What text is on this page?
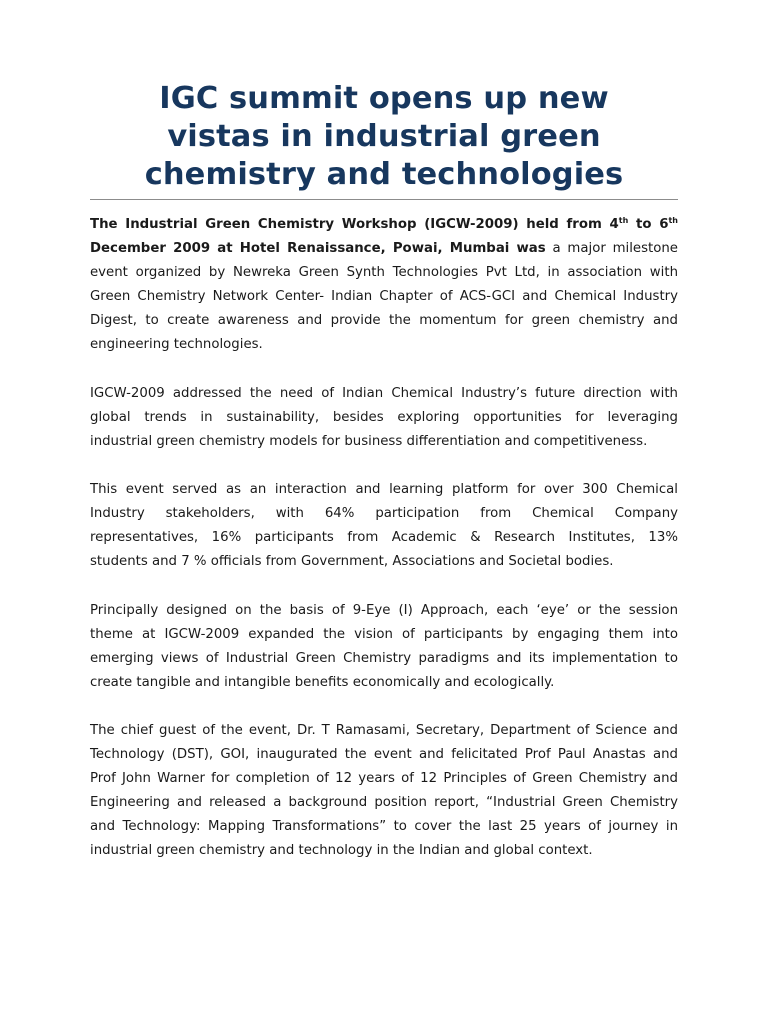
IGC summit opens up new
vistas in industrial green
chemistry and technologies
The Industrial Green Chemistry Workshop (IGCW-2009) held from 4th to 6th
December 2009 at Hotel Renaissance, Powai, Mumbai was a major milestone
event organized by Newreka Green Synth Technologies Pvt Ltd, in association with
Green Chemistry Network Center- Indian Chapter of ACS-GCI and Chemical Industry
Digest, to create awareness and provide the momentum for green chemistry and
engineering technologies.
IGCW-2009 addressed the need of Indian Chemical Industry’s future direction with
global trends in sustainability, besides exploring opportunities for leveraging
industrial green chemistry models for business differentiation and competitiveness.
This event served as an interaction and learning platform for over 300 Chemical
Industry stakeholders, with 64% participation from Chemical Company
representatives, 16% participants from Academic & Research Institutes, 13%
students and 7 % officials from Government, Associations and Societal bodies.
Principally designed on the basis of 9-Eye (I) Approach, each ‘eye’ or the session
theme at IGCW-2009 expanded the vision of participants by engaging them into
emerging views of Industrial Green Chemistry paradigms and its implementation to
create tangible and intangible benefits economically and ecologically.
The chief guest of the event, Dr. T Ramasami, Secretary, Department of Science and
Technology (DST), GOI, inaugurated the event and felicitated Prof Paul Anastas and
Prof John Warner for completion of 12 years of 12 Principles of Green Chemistry and
Engineering and released a background position report, “Industrial Green Chemistry
and Technology: Mapping Transformations” to cover the last 25 years of journey in
industrial green chemistry and technology in the Indian and global context.
